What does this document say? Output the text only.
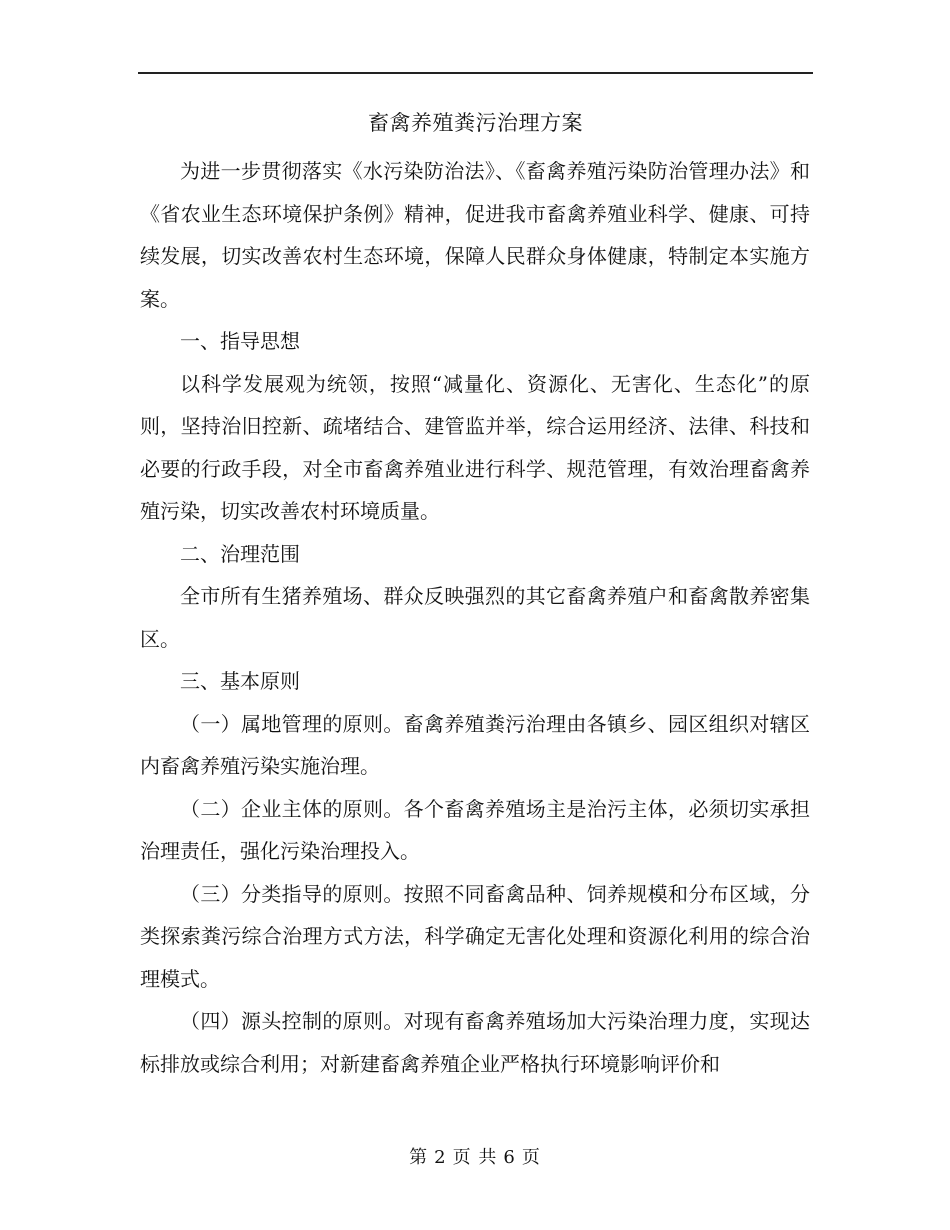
畜禽养殖粪污治理方案

为进一步贯彻落实《水污染防治法》、《畜禽养殖污染防治管理办法》和《省农业生态环境保护条例》精神，促进我市畜禽养殖业科学、健康、可持续发展，切实改善农村生态环境，保障人民群众身体健康，特制定本实施方案。

一、指导思想

以科学发展观为统领，按照“减量化、资源化、无害化、生态化”的原则，坚持治旧控新、疏堵结合、建管监并举，综合运用经济、法律、科技和必要的行政手段，对全市畜禽养殖业进行科学、规范管理，有效治理畜禽养殖污染，切实改善农村环境质量。

二、治理范围

全市所有生猪养殖场、群众反映强烈的其它畜禽养殖户和畜禽散养密集区。

三、基本原则

（一）属地管理的原则。畜禽养殖粪污治理由各镇乡、园区组织对辖区内畜禽养殖污染实施治理。

（二）企业主体的原则。各个畜禽养殖场主是治污主体，必须切实承担治理责任，强化污染治理投入。

（三）分类指导的原则。按照不同畜禽品种、饲养规模和分布区域，分类探索粪污综合治理方式方法，科学确定无害化处理和资源化利用的综合治理模式。

（四）源头控制的原则。对现有畜禽养殖场加大污染治理力度，实现达标排放或综合利用；对新建畜禽养殖企业严格执行环境影响评价和

第 2 页 共 6 页
